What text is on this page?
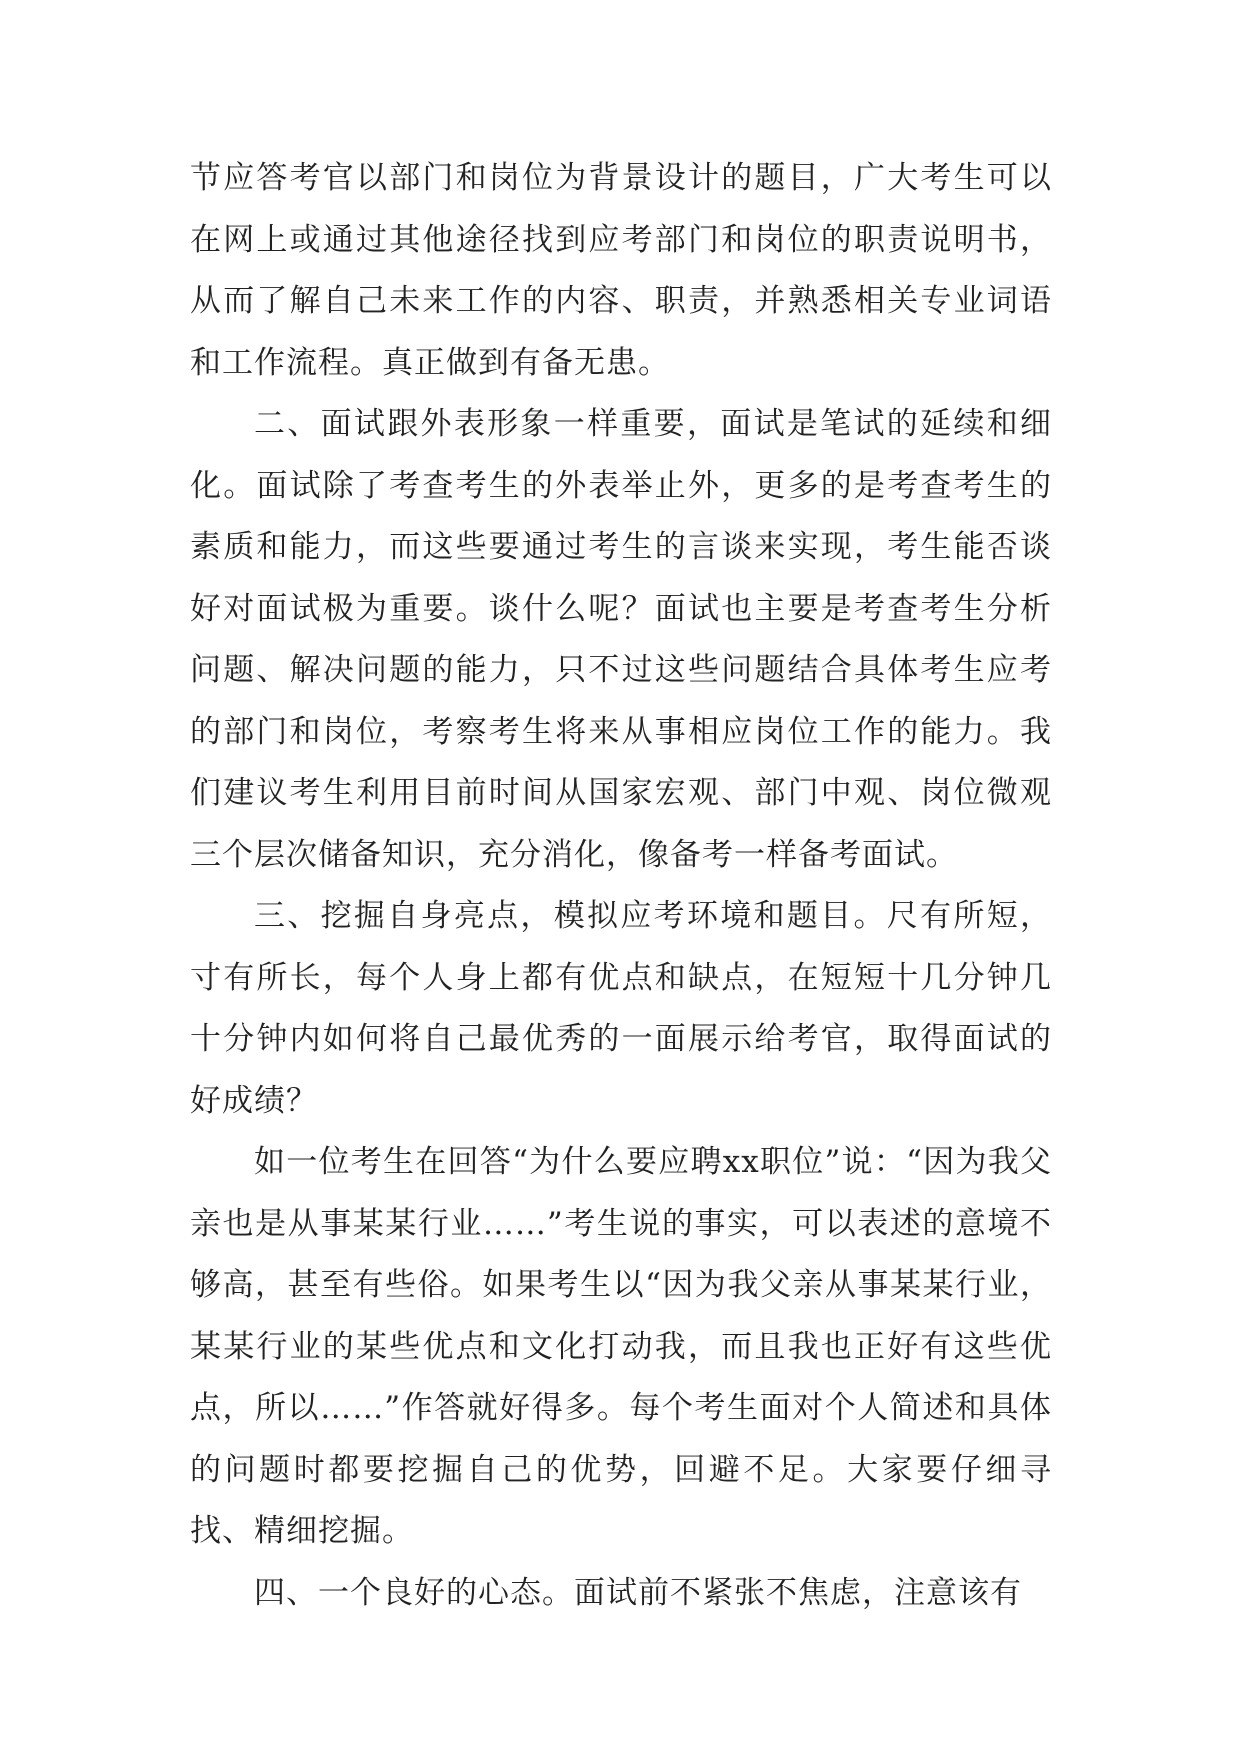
节应答考官以部门和岗位为背景设计的题目，广大考生可以在网上或通过其他途径找到应考部门和岗位的职责说明书，从而了解自己未来工作的内容、职责，并熟悉相关专业词语和工作流程。真正做到有备无患。

二、面试跟外表形象一样重要，面试是笔试的延续和细化。面试除了考查考生的外表举止外，更多的是考查考生的素质和能力，而这些要通过考生的言谈来实现，考生能否谈好对面试极为重要。谈什么呢？面试也主要是考查考生分析问题、解决问题的能力，只不过这些问题结合具体考生应考的部门和岗位，考察考生将来从事相应岗位工作的能力。我们建议考生利用目前时间从国家宏观、部门中观、岗位微观三个层次储备知识，充分消化，像备考一样备考面试。

三、挖掘自身亮点，模拟应考环境和题目。尺有所短，寸有所长，每个人身上都有优点和缺点，在短短十几分钟几十分钟内如何将自己最优秀的一面展示给考官，取得面试的好成绩？

如一位考生在回答“为什么要应聘xx职位”说：“因为我父亲也是从事某某行业……”考生说的事实，可以表述的意境不够高，甚至有些俗。如果考生以“因为我父亲从事某某行业，某某行业的某些优点和文化打动我，而且我也正好有这些优点，所以……”作答就好得多。每个考生面对个人简述和具体的问题时都要挖掘自己的优势，回避不足。大家要仔细寻找、精细挖掘。

四、一个良好的心态。面试前不紧张不焦虑，注意该有
